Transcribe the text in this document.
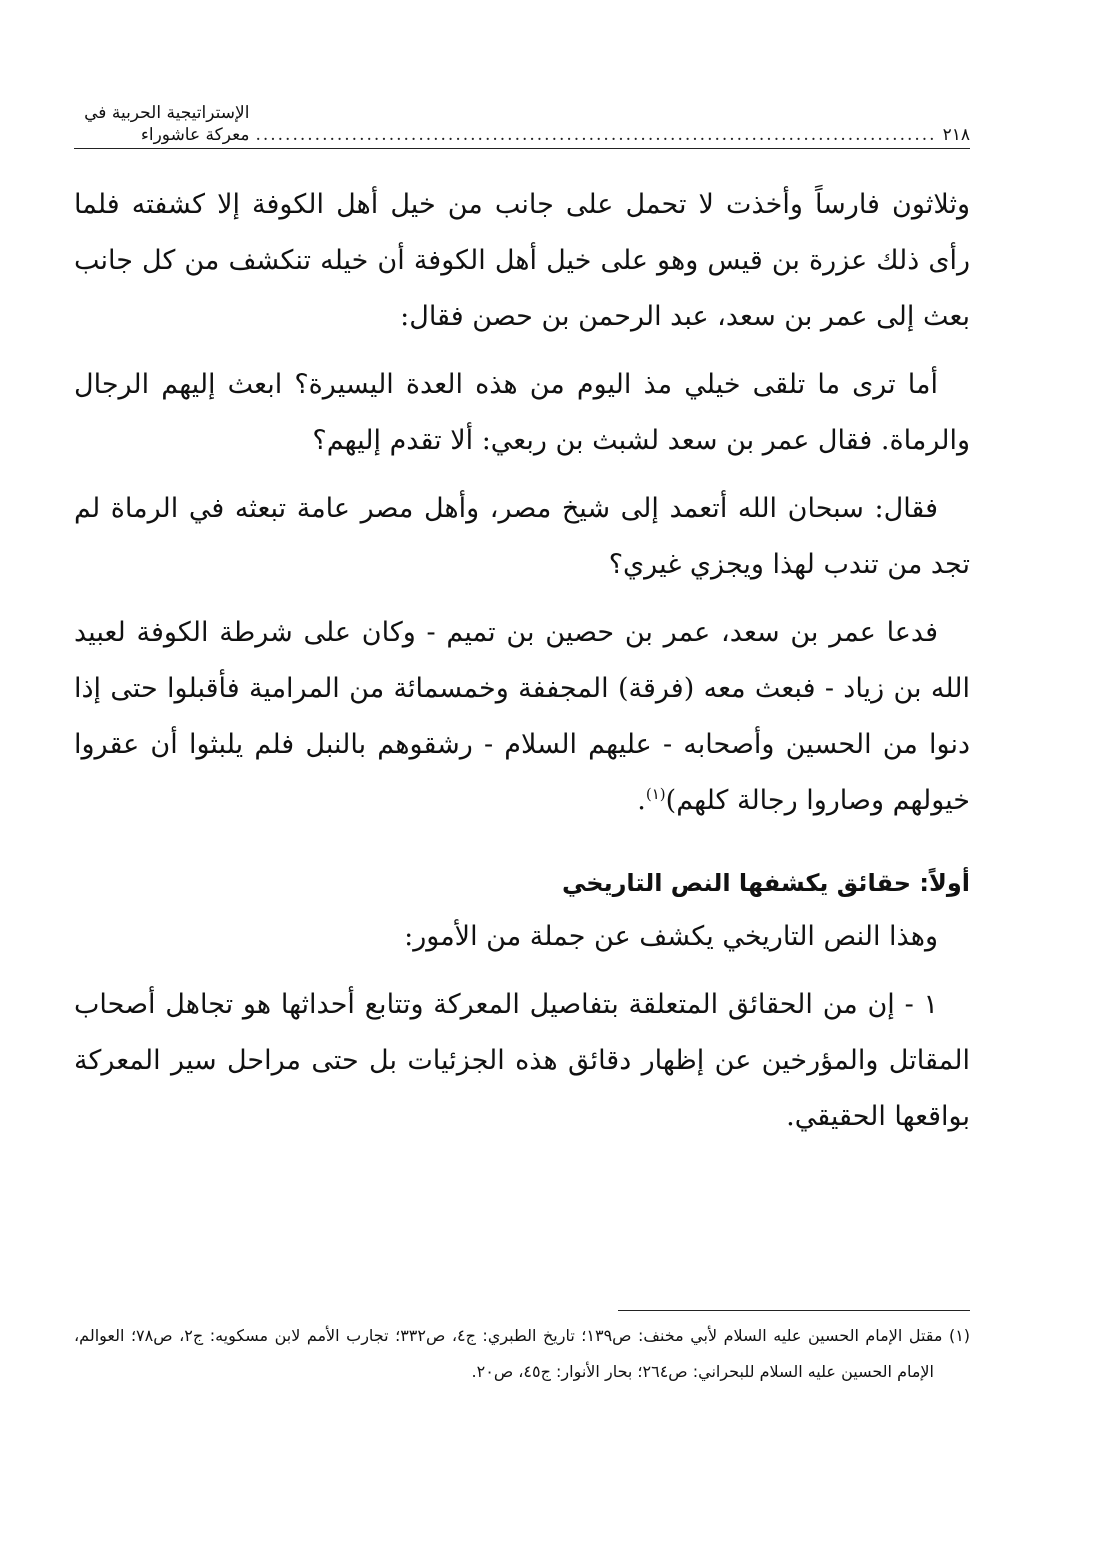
٢١٨
............................................................................................
الإستراتيجية الحربية في معركة عاشوراء

وثلاثون فارساً وأخذت لا تحمل على جانب من خيل أهل الكوفة إلا كشفته فلما رأى ذلك عزرة بن قيس وهو على خيل أهل الكوفة أن خيله تنكشف من كل جانب بعث إلى عمر بن سعد، عبد الرحمن بن حصن فقال:

أما ترى ما تلقى خيلي مذ اليوم من هذه العدة اليسيرة؟ ابعث إليهم الرجال والرماة. فقال عمر بن سعد لشبث بن ربعي: ألا تقدم إليهم؟

فقال: سبحان الله أتعمد إلى شيخ مصر، وأهل مصر عامة تبعثه في الرماة لم تجد من تندب لهذا ويجزي غيري؟

فدعا عمر بن سعد، عمر بن حصين بن تميم - وكان على شرطة الكوفة لعبيد الله بن زياد - فبعث معه (فرقة) المجففة وخمسمائة من المرامية فأقبلوا حتى إذا دنوا من الحسين وأصحابه - عليهم السلام - رشقوهم بالنبل فلم يلبثوا أن عقروا خيولهم وصاروا رجالة كلهم)$^{(١)}$.

أولاً: حقائق يكشفها النص التاريخي

وهذا النص التاريخي يكشف عن جملة من الأمور:

١ - إن من الحقائق المتعلقة بتفاصيل المعركة وتتابع أحداثها هو تجاهل أصحاب المقاتل والمؤرخين عن إظهار دقائق هذه الجزئيات بل حتى مراحل سير المعركة بواقعها الحقيقي.

(١) مقتل الإمام الحسين عليه السلام لأبي مخنف: ص١٣٩؛ تاريخ الطبري: ج٤، ص٣٣٢؛ تجارب الأمم لابن مسكويه: ج٢، ص٧٨؛ العوالم، الإمام الحسين عليه السلام للبحراني: ص٢٦٤؛ بحار الأنوار: ج٤٥، ص٢٠.
